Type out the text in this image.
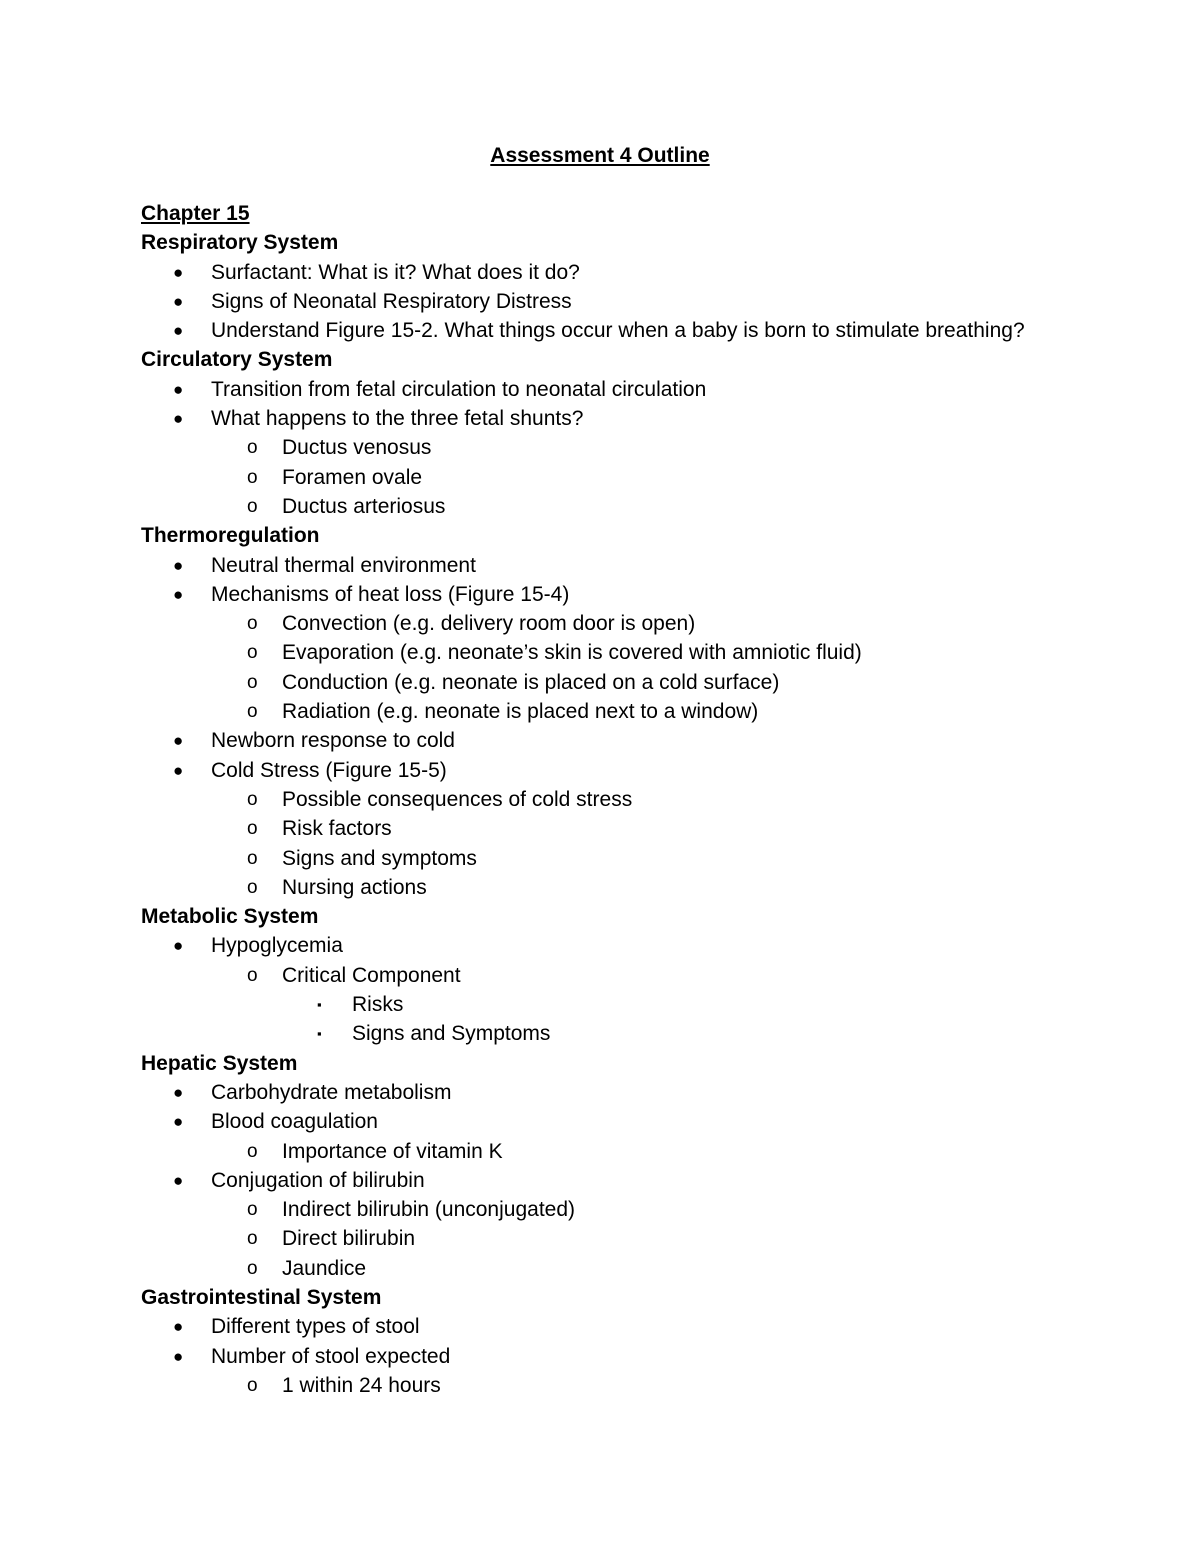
Assessment 4 Outline

Chapter 15

Respiratory System

● Surfactant: What is it? What does it do?

● Signs of Neonatal Respiratory Distress

● Understand Figure 15-2. What things occur when a baby is born to stimulate breathing?

Circulatory System

● Transition from fetal circulation to neonatal circulation

● What happens to the three fetal shunts?

o Ductus venosus

o Foramen ovale

o Ductus arteriosus

Thermoregulation

● Neutral thermal environment

● Mechanisms of heat loss (Figure 15-4)

o Convection (e.g. delivery room door is open)

o Evaporation (e.g. neonate’s skin is covered with amniotic fluid)

o Conduction (e.g. neonate is placed on a cold surface)

o Radiation (e.g. neonate is placed next to a window)

● Newborn response to cold

● Cold Stress (Figure 15-5)

o Possible consequences of cold stress

o Risk factors

o Signs and symptoms

o Nursing actions

Metabolic System

● Hypoglycemia

o Critical Component

▪ Risks

▪ Signs and Symptoms

Hepatic System

● Carbohydrate metabolism

● Blood coagulation

o Importance of vitamin K

● Conjugation of bilirubin

o Indirect bilirubin (unconjugated)

o Direct bilirubin

o Jaundice

Gastrointestinal System

● Different types of stool

● Number of stool expected

o 1 within 24 hours
